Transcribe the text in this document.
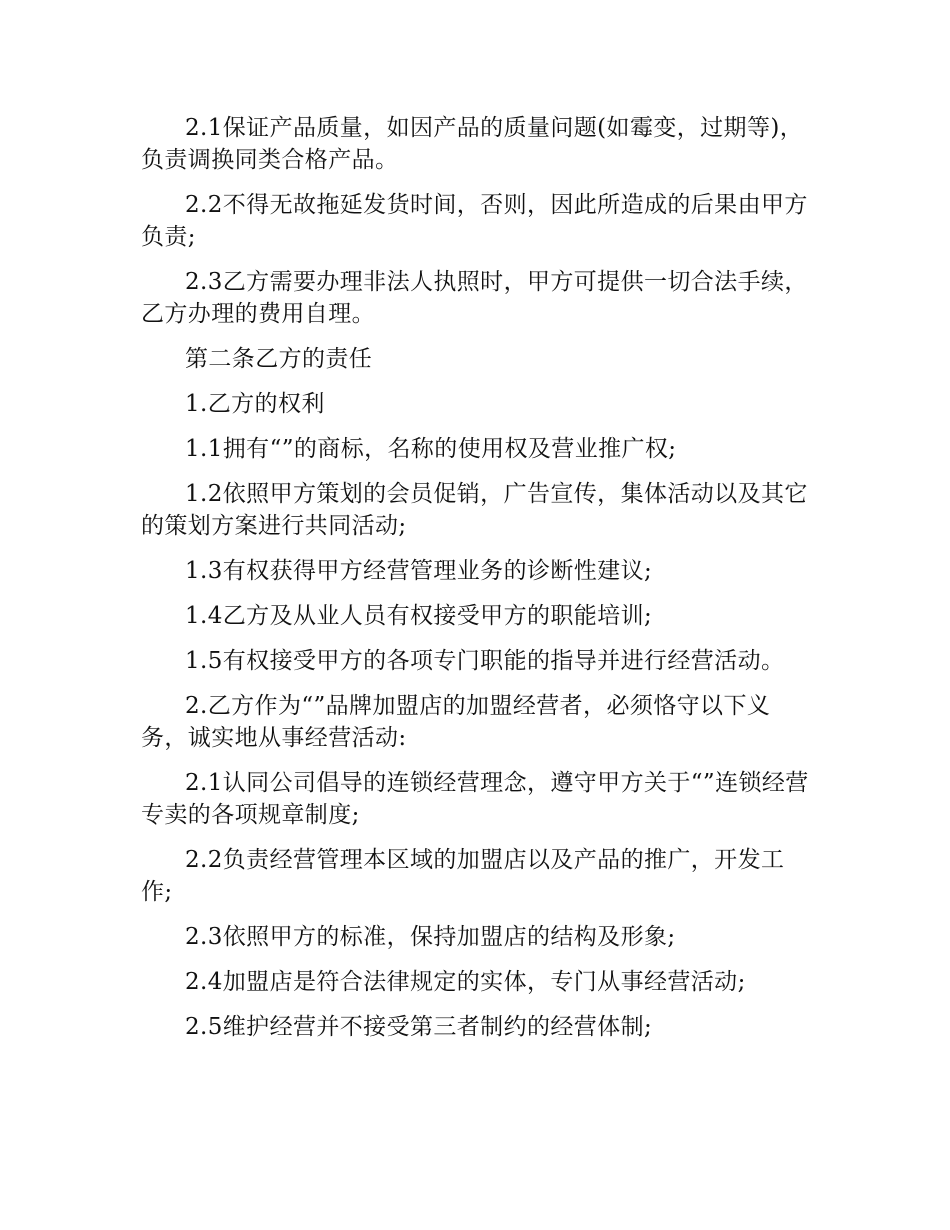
2.1保证产品质量，如因产品的质量问题(如霉变，过期等)，负责调换同类合格产品。

2.2不得无故拖延发货时间，否则，因此所造成的后果由甲方负责;

2.3乙方需要办理非法人执照时，甲方可提供一切合法手续，乙方办理的费用自理。

第二条乙方的责任

1.乙方的权利

1.1拥有“”的商标，名称的使用权及营业推广权;

1.2依照甲方策划的会员促销，广告宣传，集体活动以及其它的策划方案进行共同活动;

1.3有权获得甲方经营管理业务的诊断性建议;

1.4乙方及从业人员有权接受甲方的职能培训;

1.5有权接受甲方的各项专门职能的指导并进行经营活动。

2.乙方作为“”品牌加盟店的加盟经营者，必须恪守以下义务，诚实地从事经营活动:

2.1认同公司倡导的连锁经营理念，遵守甲方关于“”连锁经营专卖的各项规章制度;

2.2负责经营管理本区域的加盟店以及产品的推广，开发工作;

2.3依照甲方的标准，保持加盟店的结构及形象;

2.4加盟店是符合法律规定的实体，专门从事经营活动;

2.5维护经营并不接受第三者制约的经营体制;
